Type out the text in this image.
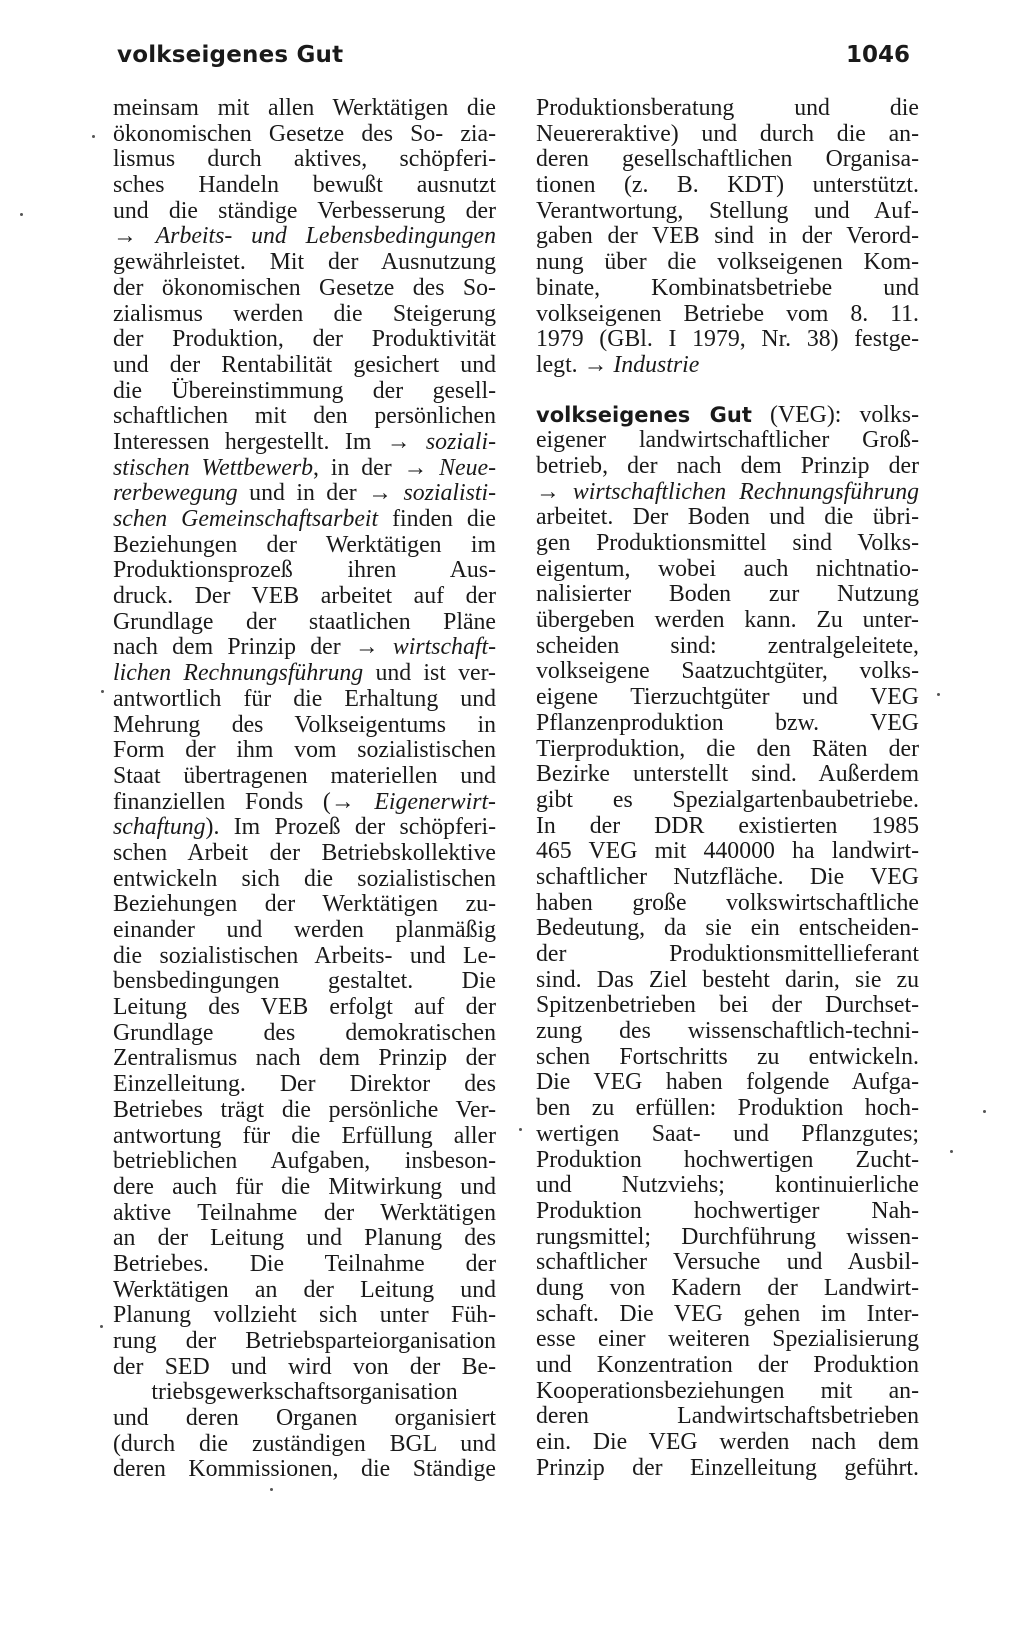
volkseigenes Gut	1046
meinsam mit allen Werktätigen die
ökonomischen Gesetze des So- zia-
lismus durch aktives, schöpferi-
sches Handeln bewußt ausnutzt
und die ständige Verbesserung der
→ Arbeits- und Lebensbedingungen
gewährleistet. Mit der Ausnutzung
der ökonomischen Gesetze des So-
zialismus werden die Steigerung
der Produktion, der Produktivität
und der Rentabilität gesichert und
die Übereinstimmung der gesell-
schaftlichen mit den persönlichen
Interessen hergestellt. Im → soziali-
stischen Wettbewerb, in der → Neue-
rerbewegung und in der → sozialisti-
schen Gemeinschaftsarbeit finden die
Beziehungen der Werktätigen im
Produktionsprozeß ihren Aus-
druck. Der VEB arbeitet auf der
Grundlage der staatlichen Pläne
nach dem Prinzip der → wirtschaft-
lichen Rechnungsführung und ist ver-
antwortlich für die Erhaltung und
Mehrung des Volkseigentums in
Form der ihm vom sozialistischen
Staat übertragenen materiellen und
finanziellen Fonds (→ Eigenerwirt-
schaftung). Im Prozeß der schöpferi-
schen Arbeit der Betriebskollektive
entwickeln sich die sozialistischen
Beziehungen der Werktätigen zu-
einander und werden planmäßig
die sozialistischen Arbeits- und Le-
bensbedingungen gestaltet. Die
Leitung des VEB erfolgt auf der
Grundlage des demokratischen
Zentralismus nach dem Prinzip der
Einzelleitung. Der Direktor des
Betriebes trägt die persönliche Ver-
antwortung für die Erfüllung aller
betrieblichen Aufgaben, insbeson-
dere auch für die Mitwirkung und
aktive Teilnahme der Werktätigen
an der Leitung und Planung des
Betriebes. Die Teilnahme der
Werktätigen an der Leitung und
Planung vollzieht sich unter Füh-
rung der Betriebsparteiorganisation
der SED und wird von der Be-
triebsgewerkschaftsorganisation
und deren Organen organisiert
(durch die zuständigen BGL und
deren Kommissionen, die Ständige
Produktionsberatung und die
Neuereraktive) und durch die an-
deren gesellschaftlichen Organisa-
tionen (z. B. KDT) unterstützt.
Verantwortung, Stellung und Auf-
gaben der VEB sind in der Verord-
nung über die volkseigenen Kom-
binate, Kombinatsbetriebe und
volkseigenen Betriebe vom 8. 11.
1979 (GBl. I 1979, Nr. 38) festge-
legt. → Industrie
volkseigenes Gut (VEG): volks-
eigener landwirtschaftlicher Groß-
betrieb, der nach dem Prinzip der
→ wirtschaftlichen Rechnungsführung
arbeitet. Der Boden und die übri-
gen Produktionsmittel sind Volks-
eigentum, wobei auch nichtnatio-
nalisierter Boden zur Nutzung
übergeben werden kann. Zu unter-
scheiden sind: zentralgeleitete,
volkseigene Saatzuchtgüter, volks-
eigene Tierzuchtgüter und VEG
Pflanzenproduktion bzw. VEG
Tierproduktion, die den Räten der
Bezirke unterstellt sind. Außerdem
gibt es Spezialgartenbaubetriebe.
In der DDR existierten 1985
465 VEG mit 440000 ha landwirt-
schaftlicher Nutzfläche. Die VEG
haben große volkswirtschaftliche
Bedeutung, da sie ein entscheiden-
der Produktionsmittellieferant
sind. Das Ziel besteht darin, sie zu
Spitzenbetrieben bei der Durchset-
zung des wissenschaftlich-techni-
schen Fortschritts zu entwickeln.
Die VEG haben folgende Aufga-
ben zu erfüllen: Produktion hoch-
wertigen Saat- und Pflanzgutes;
Produktion hochwertigen Zucht-
und Nutzviehs; kontinuierliche
Produktion hochwertiger Nah-
rungsmittel; Durchführung wissen-
schaftlicher Versuche und Ausbil-
dung von Kadern der Landwirt-
schaft. Die VEG gehen im Inter-
esse einer weiteren Spezialisierung
und Konzentration der Produktion
Kooperationsbeziehungen mit an-
deren Landwirtschaftsbetrieben
ein. Die VEG werden nach dem
Prinzip der Einzelleitung geführt.
